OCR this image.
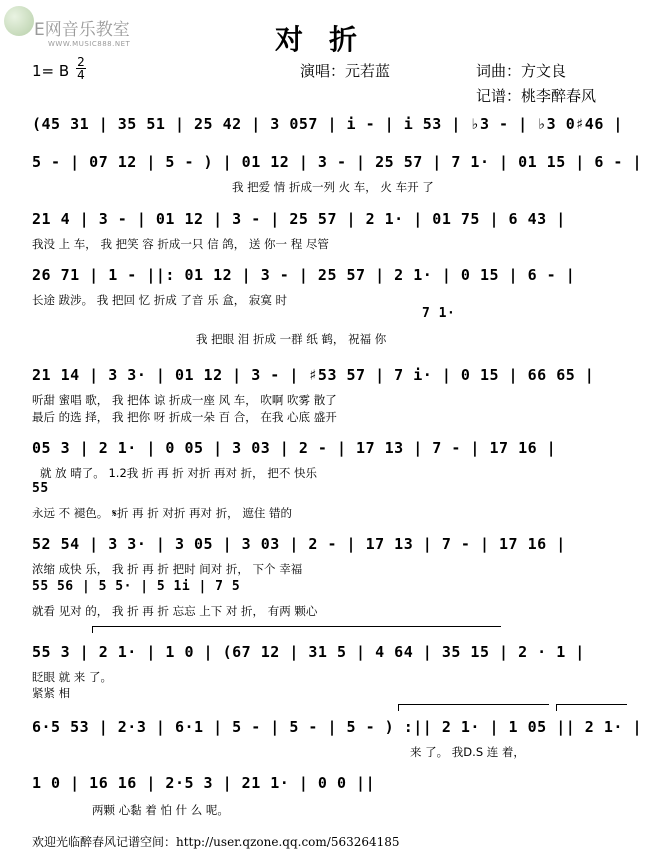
E网音乐教室
WWW.MUSIC888.NET	对折
1= B 2
4	演唱：元若蓝	词曲：方文良
记谱：桃李醉春风
(45 31 | 35 51 | 25 42 | 3 057 | i - | i 53 | ♭3 - | ♭3 0♯46 |
5 - | 07 12 | 5 - ) | 01 12 | 3 - | 25 57 | 7 1· | 01 15 | 6 - |
我 把爱 情 折成一列 火 车， 火 车开 了
21 4 | 3 - | 01 12 | 3 - | 25 57 | 2 1· | 01 75 | 6 43 |
我没 上 车， 我 把笑 容 折成一只 信 鸽， 送 你一 程 尽管
26 71 | 1 - ||: 01 12 | 3 - | 25 57 | 2 1· | 0 15 | 6 - |
长途 跋涉。 我 把回 忆 折成 了音 乐 盒， 寂寞 时
7 1·
我 把眼 泪 折成 一群 纸 鹤， 祝福 你
21 14 | 3 3· | 01 12 | 3 - | ♯53 57 | 7 i· | 0 15 | 66 65 |
听甜 蜜唱 歌， 我 把体 谅 折成一座 风 车， 吹啊 吹雾 散了
最后 的选 择， 我 把你 呀 折成一朵 百 合， 在我 心底 盛开
05 3 | 2 1· | 0 05 | 3 03 | 2 - | 17 13 | 7 - | 17 16 |
就 放 晴了。 1.2我 折 再 折 对折 再对 折， 把不 快乐
55
永远 不 褪色。 𝄋折 再 折 对折 再对 折， 遮住 错的
52 54 | 3 3· | 3 05 | 3 03 | 2 - | 17 13 | 7 - | 17 16 |
浓缩 成快 乐， 我 折 再 折 把时 间对 折， 下个 幸福
55 56 | 5 5· | 5 1i | 7 5
就看 见对 的， 我 折 再 折 忘忘 上下 对 折， 有两 颗心
55 3 | 2 1· | 1 0 | (67 12 | 31 5 | 4 64 | 35 15 | 2 · 1 |
眨眼 就 来 了。
紧紧 相
6·5 53 | 2·3 | 6·1 | 5 - | 5 - | 5 - ) :|| 2 1· | 1 05 || 2 1· |
来 了。 我D.S 连 着，
1 0 | 16 16 | 2·5 3 | 21 1· | 0 0 ||
两颗 心黏 着 怕 什 么 呢。
欢迎光临醉春风记谱空间：http://user.qzone.qq.com/563264185
